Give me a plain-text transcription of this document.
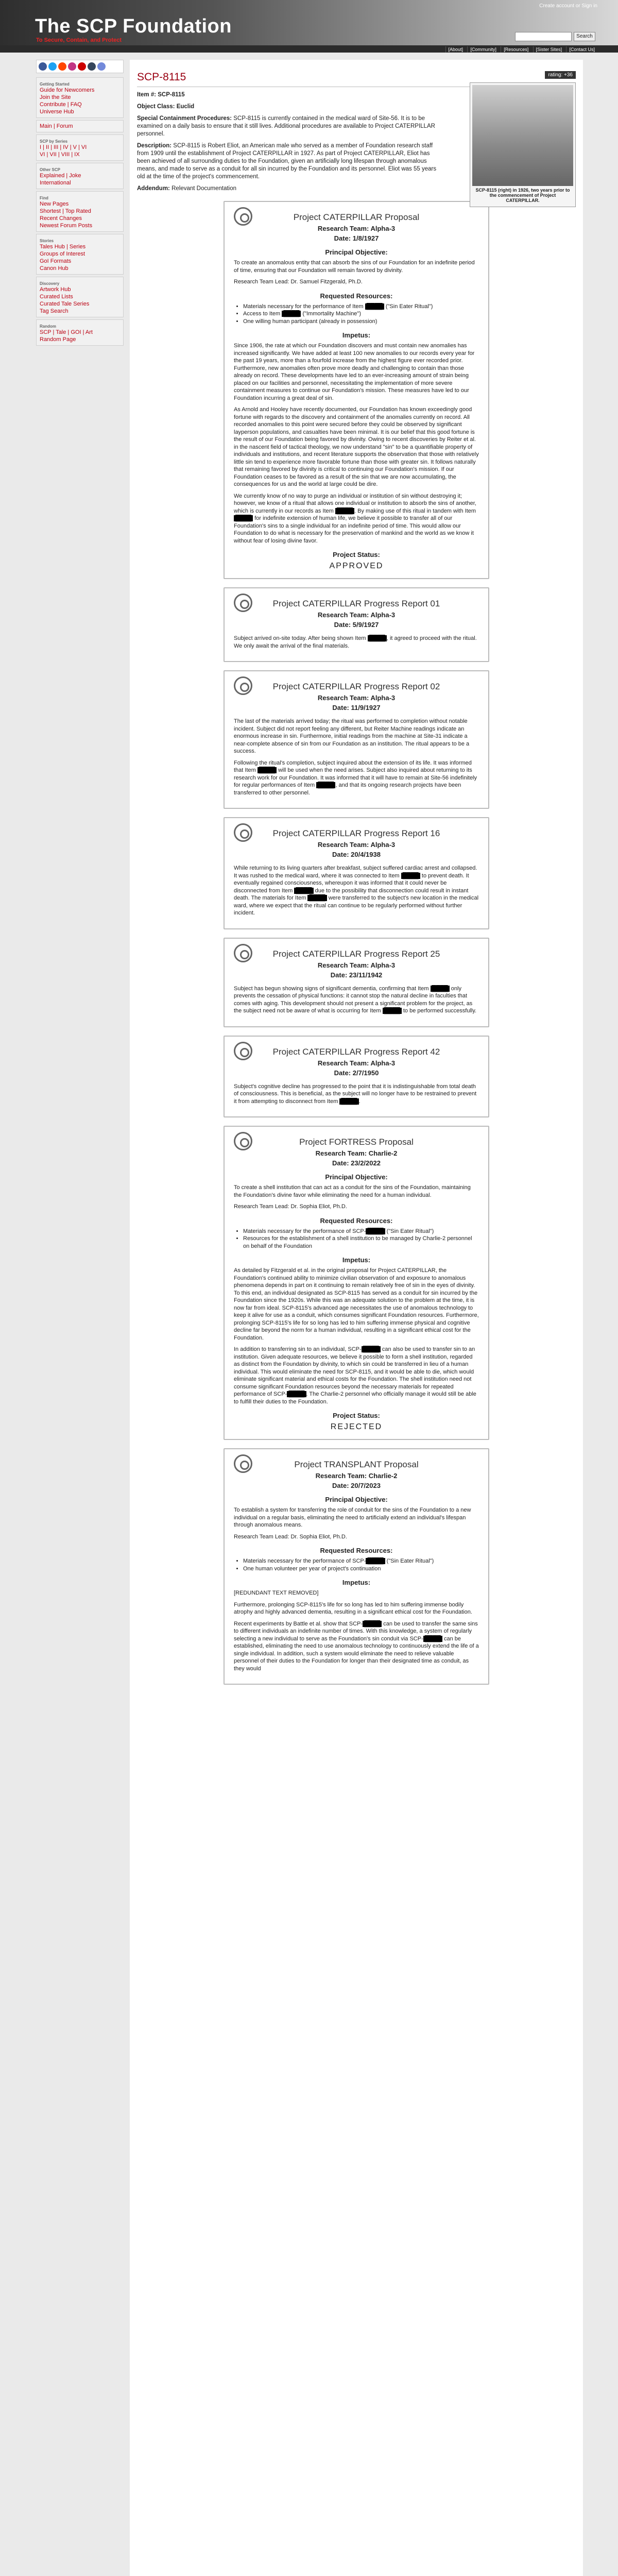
The SCP Foundation
To Secure, Contain, and Protect
Create account or Sign in
Search
[About] [Community] [Resources] [Sister Sites] [Contact Us]
Getting Started
Guide for Newcomers
Join the Site
Contribute | FAQ
Universe Hub
Main | Forum
SCP by Series
I | II | III | IV | V | VI
VI | VII | VIII | IX
Other SCP
Explained | Joke
International
Find
New Pages
Shortest | Top Rated
Recent Changes
Newest Forum Posts
Stories
Tales Hub | Series
Groups of Interest
GoI Formats
Canon Hub
Discovery
Artwork Hub
Curated Lists
Curated Tale Series
Tag Search
Random
SCP | Tale | GOI | Art
Random Page
SCP-8115	rating: +36
SCP-8115 (right) in 1926, two years prior to the commencement of Project CATERPILLAR.

Item #: SCP-8115

Object Class: Euclid

Special Containment Procedures: SCP-8115 is currently contained in the medical ward of Site-56. It is to be examined on a daily basis to ensure that it still lives. Additional procedures are available to Project CATERPILLAR personnel.

Description: SCP-8115 is Robert Eliot, an American male who served as a member of Foundation research staff from 1909 until the establishment of Project CATERPILLAR in 1927. As part of Project CATERPILLAR, Eliot has been achieved of all surrounding duties to the Foundation, given an artificially long lifespan through anomalous means, and made to serve as a conduit for all sin incurred by the Foundation and its personnel. Eliot was 55 years old at the time of the project's commencement.

Addendum: Relevant Documentation

Project CATERPILLAR Proposal
Research Team: Alpha-3
Date: 1/8/1927
Principal Objective:

To create an anomalous entity that can absorb the sins of our Foundation for an indefinite period of time, ensuring that our Foundation will remain favored by divinity.

Research Team Lead: Dr. Samuel Fitzgerald, Ph.D.

Requested Resources:
• Materials necessary for the performance of Item ████ ("Sin Eater Ritual")
• Access to Item ████ ("Immortality Machine")
• One willing human participant (already in possession)
Impetus:

Since 1906, the rate at which our Foundation discovers and must contain new anomalies has increased significantly. We have added at least 100 new anomalies to our records every year for the past 19 years, more than a fourfold increase from the highest figure ever recorded prior. Furthermore, new anomalies often prove more deadly and challenging to contain than those already on record. These developments have led to an ever-increasing amount of strain being placed on our facilities and personnel, necessitating the implementation of more severe containment measures to continue our Foundation's mission. These measures have led to our Foundation incurring a great deal of sin.

As Arnold and Hooley have recently documented, our Foundation has known exceedingly good fortune with regards to the discovery and containment of the anomalies currently on record. All recorded anomalies to this point were secured before they could be observed by significant layperson populations, and casualties have been minimal. It is our belief that this good fortune is the result of our Foundation being favored by divinity. Owing to recent discoveries by Reiter et al. in the nascent field of tactical theology, we now understand "sin" to be a quantifiable property of individuals and institutions, and recent literature supports the observation that those with relatively little sin tend to experience more favorable fortune than those with greater sin. It follows naturally that remaining favored by divinity is critical to continuing our Foundation's mission. If our Foundation ceases to be favored as a result of the sin that we are now accumulating, the consequences for us and the world at large could be dire.

We currently know of no way to purge an individual or institution of sin without destroying it; however, we know of a ritual that allows one individual or institution to absorb the sins of another, which is currently in our records as Item ████ . By making use of this ritual in tandem with Item ████ for indefinite extension of human life, we believe it possible to transfer all of our Foundation's sins to a single individual for an indefinite period of time. This would allow our Foundation to do what is necessary for the preservation of mankind and the world as we know it without fear of losing divine favor.

Project Status:
APPROVED
Project CATERPILLAR Progress Report 01
Research Team: Alpha-3
Date: 5/9/1927

Subject arrived on-site today. After being shown Item ████ , it agreed to proceed with the ritual. We only await the arrival of the final materials.

Project CATERPILLAR Progress Report 02
Research Team: Alpha-3
Date: 11/9/1927

The last of the materials arrived today; the ritual was performed to completion without notable incident. Subject did not report feeling any different, but Reiter Machine readings indicate an enormous increase in sin. Furthermore, initial readings from the machine at Site-31 indicate a near-complete absence of sin from our Foundation as an institution. The ritual appears to be a success.

Following the ritual's completion, subject inquired about the extension of its life. It was informed that Item ████ will be used when the need arises. Subject also inquired about returning to its research work for our Foundation. It was informed that it will have to remain at Site-56 indefinitely for regular performances of Item ████ , and that its ongoing research projects have been transferred to other personnel.

Project CATERPILLAR Progress Report 16
Research Team: Alpha-3
Date: 20/4/1938

While returning to its living quarters after breakfast, subject suffered cardiac arrest and collapsed. It was rushed to the medical ward, where it was connected to Item ████ to prevent death. It eventually regained consciousness, whereupon it was informed that it could never be disconnected from Item ████ due to the possibility that disconnection could result in instant death. The materials for Item ████ were transferred to the subject's new location in the medical ward, where we expect that the ritual can continue to be regularly performed without further incident.

Project CATERPILLAR Progress Report 25
Research Team: Alpha-3
Date: 23/11/1942

Subject has begun showing signs of significant dementia, confirming that Item ████ only prevents the cessation of physical functions: it cannot stop the natural decline in faculties that comes with aging. This development should not present a significant problem for the project, as the subject need not be aware of what is occurring for Item ████ to be performed successfully.

Project CATERPILLAR Progress Report 42
Research Team: Alpha-3
Date: 2/7/1950

Subject's cognitive decline has progressed to the point that it is indistinguishable from total death of consciousness. This is beneficial, as the subject will no longer have to be restrained to prevent it from attempting to disconnect from Item ████ .

Project FORTRESS Proposal
Research Team: Charlie-2
Date: 23/2/2022
Principal Objective:

To create a shell institution that can act as a conduit for the sins of the Foundation, maintaining the Foundation's divine favor while eliminating the need for a human individual.

Research Team Lead: Dr. Sophia Eliot, Ph.D.

Requested Resources:
• Materials necessary for the performance of SCP- ████ ("Sin Eater Ritual")
• Resources for the establishment of a shell institution to be managed by Charlie-2 personnel on behalf of the Foundation
Impetus:

As detailed by Fitzgerald et al. in the original proposal for Project CATERPILLAR, the Foundation's continued ability to minimize civilian observation of and exposure to anomalous phenomena depends in part on it continuing to remain relatively free of sin in the eyes of divinity. To this end, an individual designated as SCP-8115 has served as a conduit for sin incurred by the Foundation since the 1920s. While this was an adequate solution to the problem at the time, it is now far from ideal. SCP-8115's advanced age necessitates the use of anomalous technology to keep it alive for use as a conduit, which consumes significant Foundation resources. Furthermore, prolonging SCP-8115's life for so long has led to him suffering immense physical and cognitive decline far beyond the norm for a human individual, resulting in a significant ethical cost for the Foundation.

In addition to transferring sin to an individual, SCP- ████ can also be used to transfer sin to an institution. Given adequate resources, we believe it possible to form a shell institution, regarded as distinct from the Foundation by divinity, to which sin could be transferred in lieu of a human individual. This would eliminate the need for SCP-8115, and it would be able to die, which would eliminate significant material and ethical costs for the Foundation. The shell institution need not consume significant Foundation resources beyond the necessary materials for repeated performance of SCP- ████ . The Charlie-2 personnel who officially manage it would still be able to fulfill their duties to the Foundation.

Project Status:
REJECTED
Project TRANSPLANT Proposal
Research Team: Charlie-2
Date: 20/7/2023
Principal Objective:

To establish a system for transferring the role of conduit for the sins of the Foundation to a new individual on a regular basis, eliminating the need to artificially extend an individual's lifespan through anomalous means.

Research Team Lead: Dr. Sophia Eliot, Ph.D.

Requested Resources:
• Materials necessary for the performance of SCP- ████ ("Sin Eater Ritual")
• One human volunteer per year of project's continuation
Impetus:

[REDUNDANT TEXT REMOVED]

Furthermore, prolonging SCP-8115's life for so long has led to him suffering immense bodily atrophy and highly advanced dementia, resulting in a significant ethical cost for the Foundation.

Recent experiments by Battle et al. show that SCP- ████ can be used to transfer the same sins to different individuals an indefinite number of times. With this knowledge, a system of regularly selecting a new individual to serve as the Foundation's sin conduit via SCP- ████ can be established, eliminating the need to use anomalous technology to continuously extend the life of a single individual. In addition, such a system would eliminate the need to relieve valuable personnel of their duties to the Foundation for longer than their designated time as conduit, as they would
